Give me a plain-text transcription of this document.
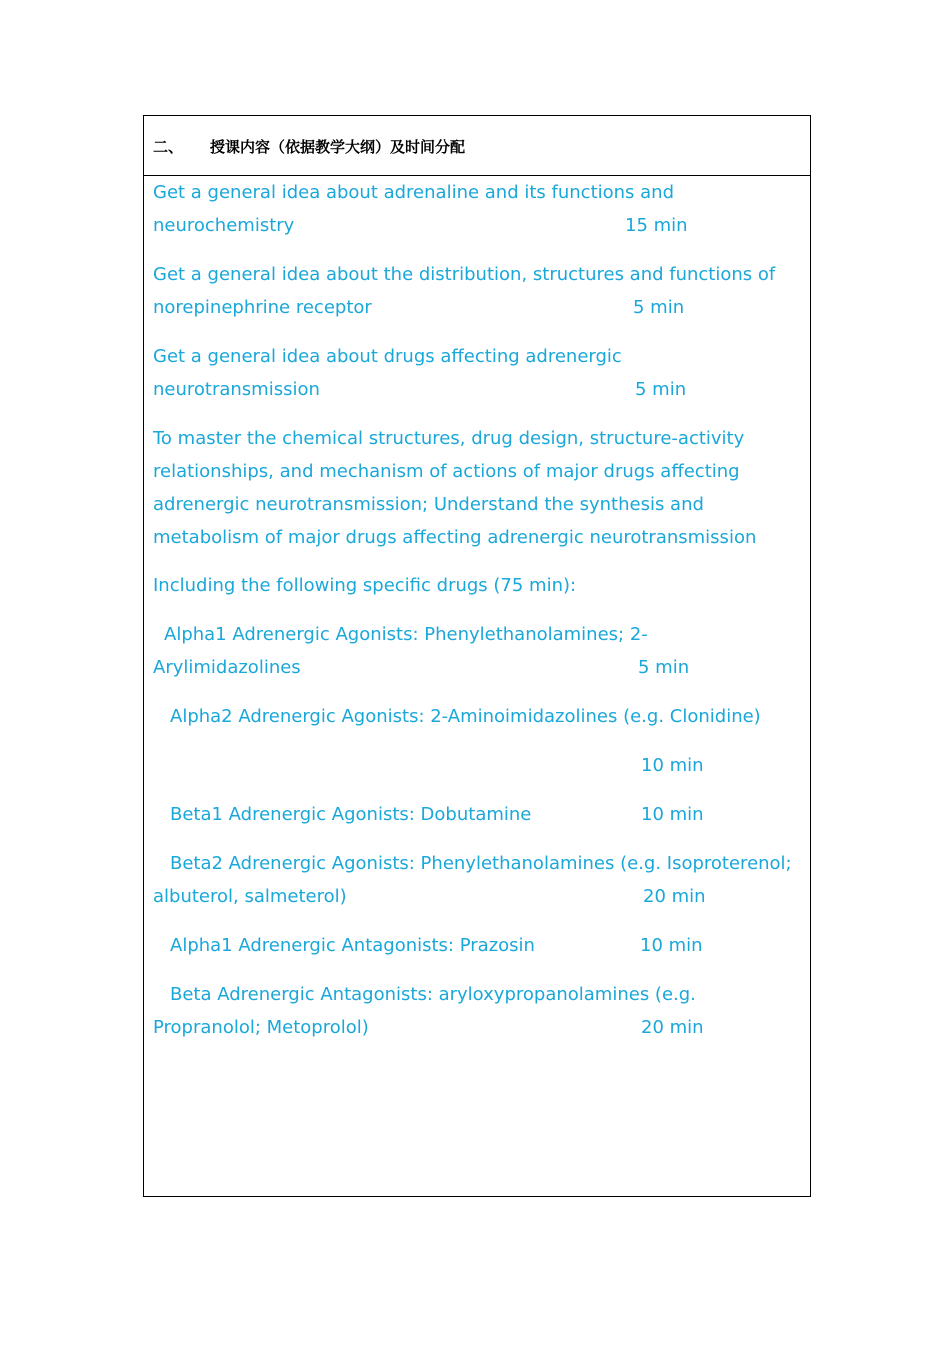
二、 授课内容（依据教学大纲）及时间分配
Get a general idea about adrenaline and its functions and
neurochemistry	15 min
Get a general idea about the distribution, structures and functions of
norepinephrine receptor	5 min
Get a general idea about drugs affecting adrenergic
neurotransmission	5 min
To master the chemical structures, drug design, structure-activity
relationships, and mechanism of actions of major drugs affecting
adrenergic neurotransmission; Understand the synthesis and
metabolism of major drugs affecting adrenergic neurotransmission
Including the following specific drugs (75 min):
Alpha1 Adrenergic Agonists: Phenylethanolamines; 2-
Arylimidazolines	5 min
Alpha2 Adrenergic Agonists: 2-Aminoimidazolines (e.g. Clonidine)
10 min
Beta1 Adrenergic Agonists: Dobutamine	10 min
Beta2 Adrenergic Agonists: Phenylethanolamines (e.g. Isoproterenol;
albuterol, salmeterol)	20 min
Alpha1 Adrenergic Antagonists: Prazosin	10 min
Beta Adrenergic Antagonists: aryloxypropanolamines (e.g.
Propranolol; Metoprolol)	20 min
